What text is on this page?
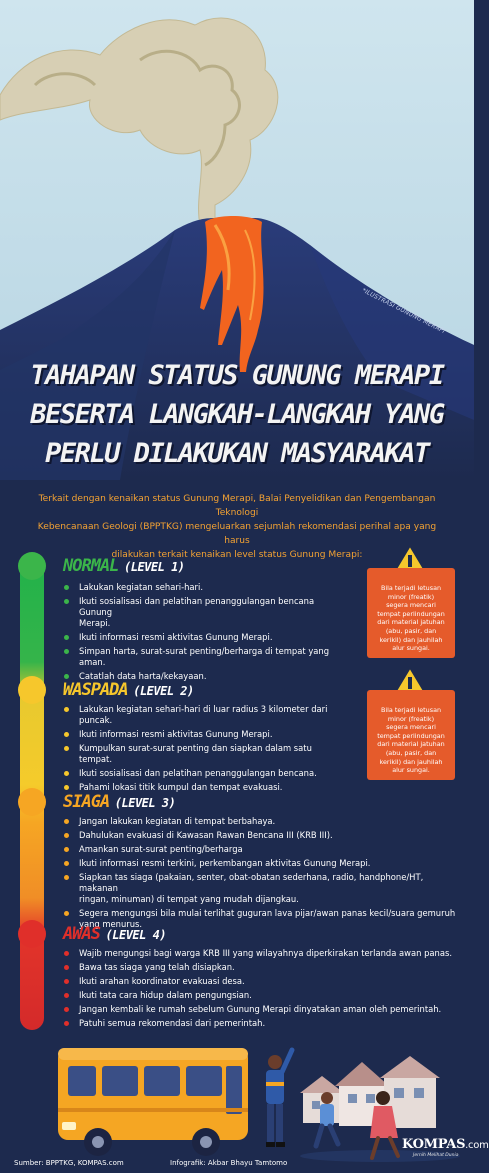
*ILUSTRASI GUNUNG MERAPI
TAHAPAN STATUS GUNUNG MERAPI
BESERTA LANGKAH-LANGKAH YANG
PERLU DILAKUKAN MASYARAKAT
Terkait dengan kenaikan status Gunung Merapi, Balai Penyelidikan dan Pengembangan Teknologi
Kebencanaan Geologi (BPPTKG) mengeluarkan sejumlah rekomendasi perihal apa yang harus
dilakukan terkait kenaikan level status Gunung Merapi:
NORMAL (LEVEL 1)
Lakukan kegiatan sehari-hari.
Ikuti sosialisasi dan pelatihan penanggulangan bencana Gunung
Merapi.
Ikuti informasi resmi aktivitas Gunung Merapi.
Simpan harta, surat-surat penting/berharga di tempat yang
aman.
Catatlah data harta/kekayaan.
WASPADA (LEVEL 2)
Lakukan kegiatan sehari-hari di luar radius 3 kilometer dari
puncak.
Ikuti informasi resmi aktivitas Gunung Merapi.
Kumpulkan surat-surat penting dan siapkan dalam satu tempat.
Ikuti sosialisasi dan pelatihan penanggulangan bencana.
Pahami lokasi titik kumpul dan tempat evakuasi.
SIAGA (LEVEL 3)
Jangan lakukan kegiatan di tempat berbahaya.
Dahulukan evakuasi di Kawasan Rawan Bencana III (KRB III).
Amankan surat-surat penting/berharga
Ikuti informasi resmi terkini, perkembangan aktivitas Gunung Merapi.
Siapkan tas siaga (pakaian, senter, obat-obatan sederhana, radio, handphone/HT, makanan
ringan, minuman) di tempat yang mudah dijangkau.
Segera mengungsi bila mulai terlihat guguran lava pijar/awan panas kecil/suara gemuruh
yang menurus.
AWAS (LEVEL 4)
Wajib mengungsi bagi warga KRB III yang wilayahnya diperkirakan terlanda awan panas.
Bawa tas siaga yang telah disiapkan.
Ikuti arahan koordinator evakuasi desa.
Ikuti tata cara hidup dalam pengungsian.
Jangan kembali ke rumah sebelum Gunung Merapi dinyatakan aman oleh pemerintah.
Patuhi semua rekomendasi dari pemerintah.
Bila terjadi letusan
minor (freatik)
segera mencari
tempat perlindungan
dari material jatuhan
(abu, pasir, dan
kerikil) dan jauhilah
alur sungai.
Bila terjadi letusan
minor (freatik)
segera mencari
tempat perlindungan
dari material jatuhan
(abu, pasir, dan
kerikil) dan jauhilah
alur sungai.
Sumber: BPPTKG, KOMPAS.com	Infografik: Akbar Bhayu Tamtomo
KOMPAS.com
Jernih Melihat Dunia
